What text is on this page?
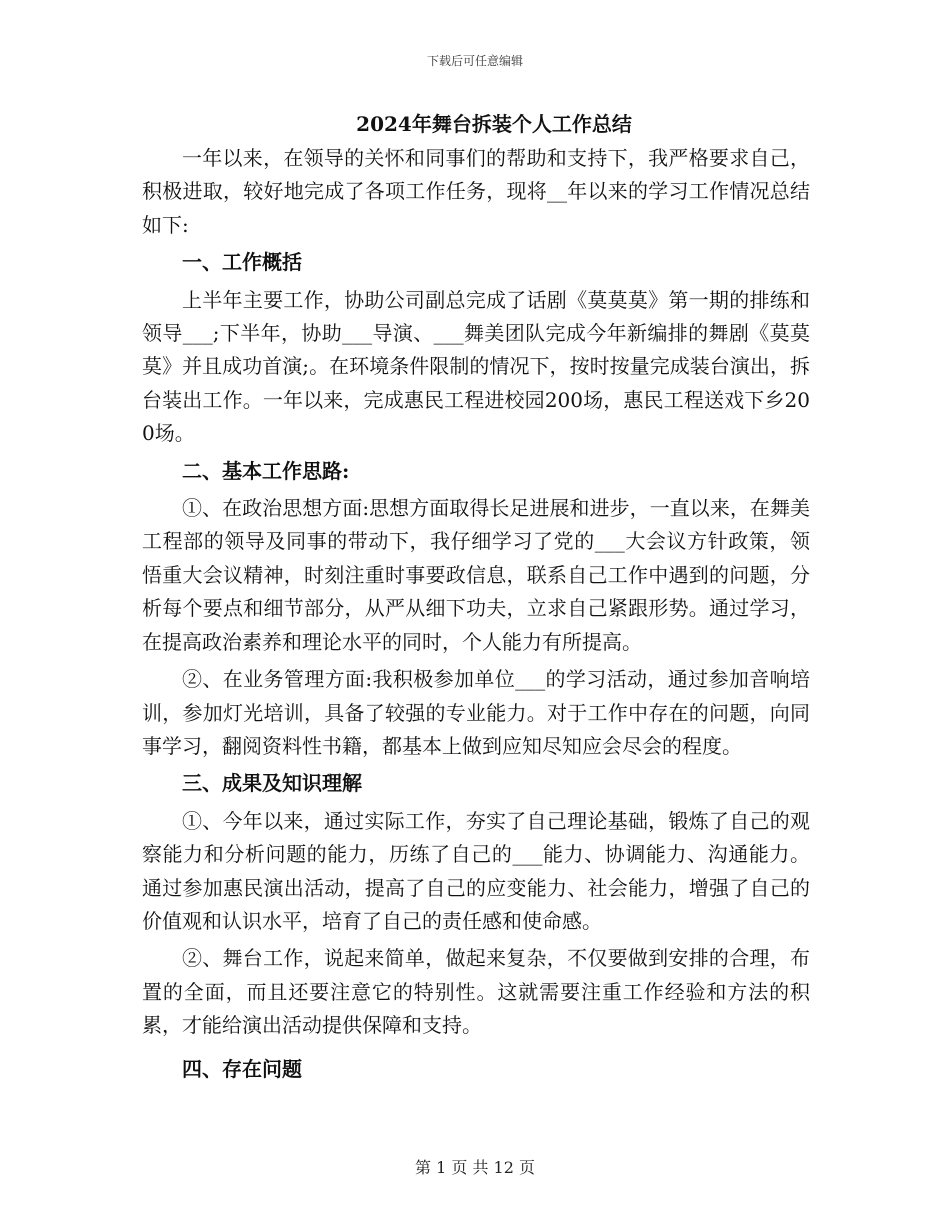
下载后可任意编辑
2024年舞台拆装个人工作总结

一年以来，在领导的关怀和同事们的帮助和支持下，我严格要求自己，积极进取，较好地完成了各项工作任务，现将__年以来的学习工作情况总结如下:

一、工作概括

上半年主要工作，协助公司副总完成了话剧《莫莫莫》第一期的排练和领导___;下半年，协助___导演、___舞美团队完成今年新编排的舞剧《莫莫莫》并且成功首演;。在环境条件限制的情况下，按时按量完成装台演出，拆台装出工作。一年以来，完成惠民工程进校园200场，惠民工程送戏下乡200场。

二、基本工作思路:

①、在政治思想方面:思想方面取得长足进展和进步，一直以来，在舞美工程部的领导及同事的带动下，我仔细学习了党的___大会议方针政策，领悟重大会议精神，时刻注重时事要政信息，联系自己工作中遇到的问题，分析每个要点和细节部分，从严从细下功夫，立求自己紧跟形势。通过学习，在提高政治素养和理论水平的同时，个人能力有所提高。

②、在业务管理方面:我积极参加单位___的学习活动，通过参加音响培训，参加灯光培训，具备了较强的专业能力。对于工作中存在的问题，向同事学习，翻阅资料性书籍，都基本上做到应知尽知应会尽会的程度。

三、成果及知识理解

①、今年以来，通过实际工作，夯实了自己理论基础，锻炼了自己的观察能力和分析问题的能力，历练了自己的___能力、协调能力、沟通能力。通过参加惠民演出活动，提高了自己的应变能力、社会能力，增强了自己的价值观和认识水平，培育了自己的责任感和使命感。

②、舞台工作，说起来简单，做起来复杂，不仅要做到安排的合理，布置的全面，而且还要注意它的特别性。这就需要注重工作经验和方法的积累，才能给演出活动提供保障和支持。

四、存在问题

第 1 页 共 12 页
